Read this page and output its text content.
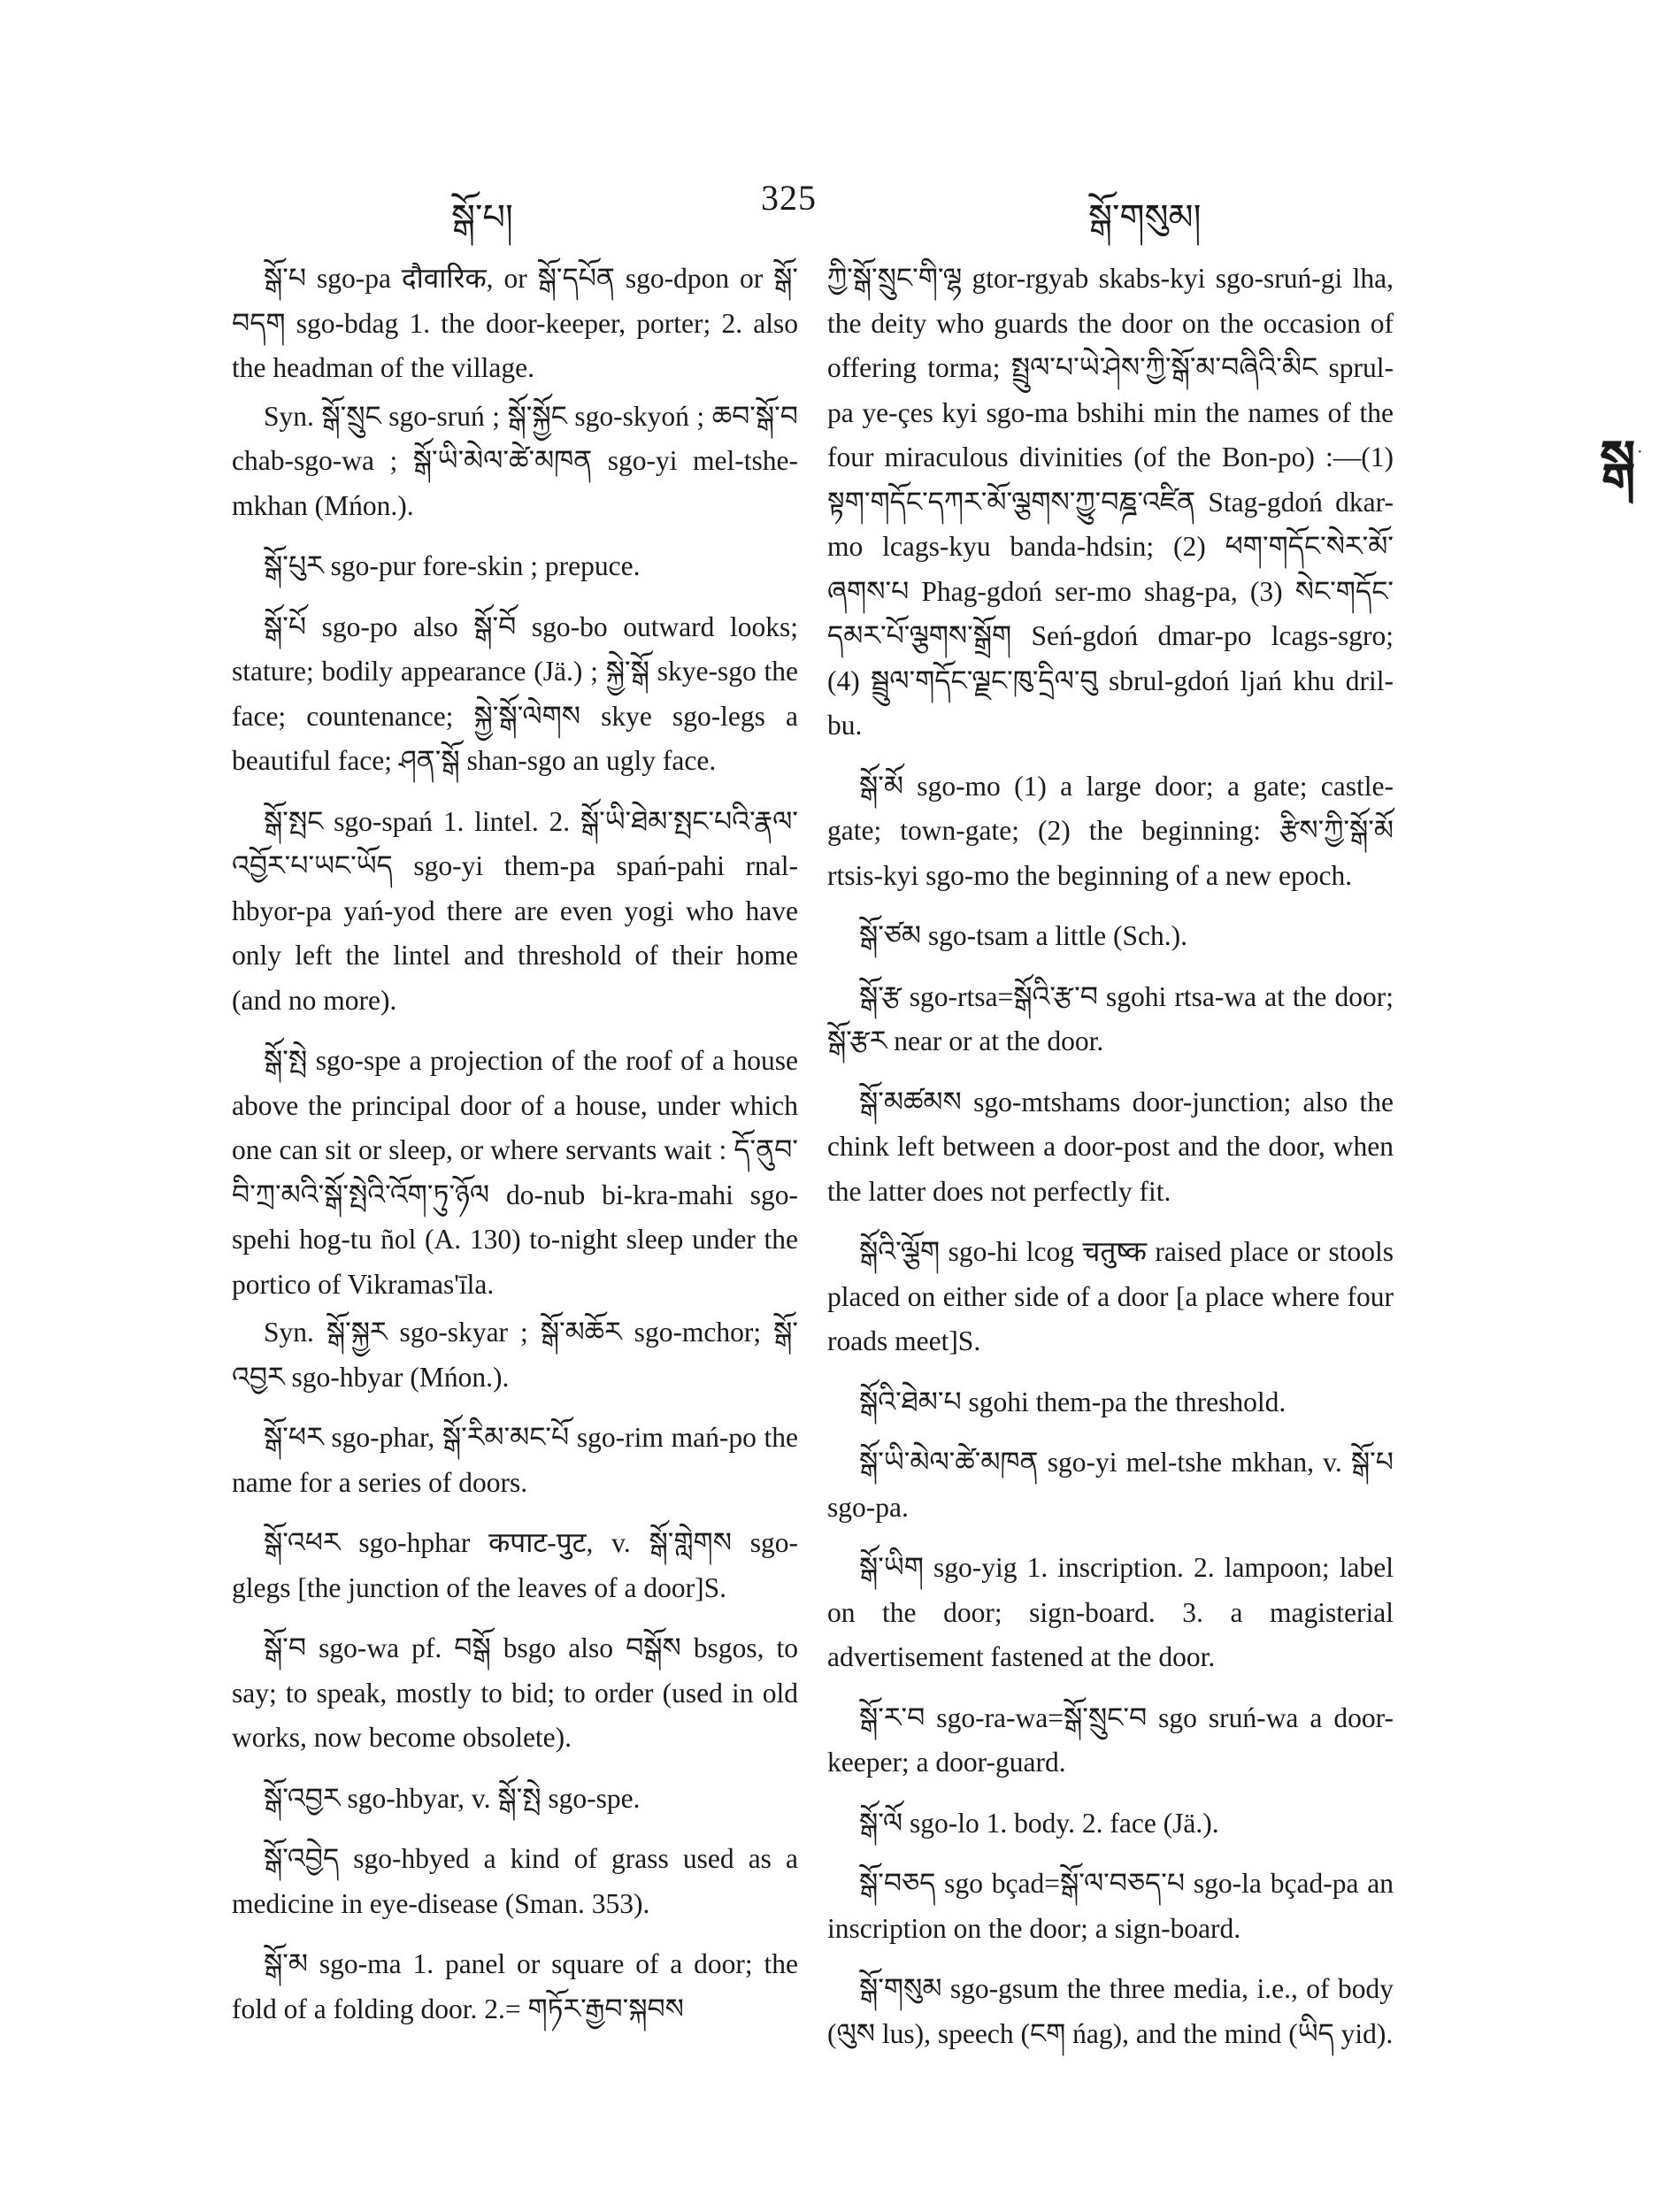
སྒོ་པ།	325	སྒོ་གསུམ།

སྒོ་པ sgo-pa दौवारिक, or སྒོ་དཔོན sgo-dpon or སྒོ་བདག sgo-bdag 1. the door-keeper, porter; 2. also the headman of the village.

Syn. སྒོ་སྲུང sgo-sruń ; སྒོ་སྐྱོང sgo-skyoń ; ཆབ་སྒོ་བ chab-sgo-wa ; སྒོ་ཡི་མེལ་ཚེ་མཁན sgo-yi mel-tshe-mkhan (Mńon.).

སྒོ་པུར sgo-pur fore-skin ; prepuce.

སྒོ་པོ sgo-po also སྒོ་བོ sgo-bo outward looks; stature; bodily appearance (Jä.) ; སྐྱེ་སྒོ skye-sgo the face; countenance; སྐྱེ་སྒོ་ལེགས skye sgo-legs a beautiful face; ཤན་སྒོ shan-sgo an ugly face.

སྒོ་སྤང sgo-spań 1. lintel. 2. སྒོ་ཡི་ཐེམ་སྤང་པའི་རྣལ་འབྱོར་པ་ཡང་ཡོད sgo-yi them-pa spań-pahi rnal-hbyor-pa yań-yod there are even yogi who have only left the lintel and threshold of their home (and no more).

སྒོ་སྤེ sgo-spe a projection of the roof of a house above the principal door of a house, under which one can sit or sleep, or where servants wait : དོ་ནུབ་བི་ཀྲ་མའི་སྒོ་སྤེའི་འོག་ཏུ་ཉོལ do-nub bi-kra-mahi sgo-spehi hog-tu ñol (A. 130) to-night sleep under the portico of Vikramas'īla.

Syn. སྒོ་སྐྱར sgo-skyar ; སྒོ་མཆོར sgo-mchor; སྒོ་འབྱར sgo-hbyar (Mńon.).

སྒོ་ཕར sgo-phar, སྒོ་རིམ་མང་པོ sgo-rim mań-po the name for a series of doors.

སྒོ་འཕར sgo-hphar कपाट-पुट, v. སྒོ་གླེགས sgo-glegs [the junction of the leaves of a door]S.

སྒོ་བ sgo-wa pf. བསྒོ bsgo also བསྒོས bsgos, to say; to speak, mostly to bid; to order (used in old works, now become obsolete).

སྒོ་འབྱར sgo-hbyar, v. སྒོ་སྤེ sgo-spe.

སྒོ་འབྱེད sgo-hbyed a kind of grass used as a medicine in eye-disease (Sman. 353).

སྒོ་མ sgo-ma 1. panel or square of a door; the fold of a folding door. 2.= གཏོར་རྒྱབ་སྐབས

ཀྱི་སྒོ་སྲུང་གི་ལྷ gtor-rgyab skabs-kyi sgo-sruń-gi lha, the deity who guards the door on the occasion of offering torma; སྤྲུལ་པ་ཡེ་ཤེས་ཀྱི་སྒོ་མ་བཞིའི་མིང sprul-pa ye-çes kyi sgo-ma bshihi min the names of the four miraculous divinities (of the Bon-po) :—(1) སྟག་གདོང་དཀར་མོ་ལྕགས་ཀྱུ་བཎྜ་འཛིན Stag-gdoń dkar-mo lcags-kyu banda-hdsin; (2) ཕག་གདོང་སེར་མོ་ཞགས་པ Phag-gdoń ser-mo shag-pa, (3) སེང་གདོང་དམར་པོ་ལྕགས་སྒྲོག Seń-gdoń dmar-po lcags-sgro; (4) སྦྲུལ་གདོང་ལྗང་ཁུ་དྲིལ་བུ sbrul-gdoń ljań khu dril-bu.

སྒོ་མོ sgo-mo (1) a large door; a gate; castle-gate; town-gate; (2) the beginning: རྩིས་ཀྱི་སྒོ་མོ rtsis-kyi sgo-mo the beginning of a new epoch.

སྒོ་ཙམ sgo-tsam a little (Sch.).

སྒོ་རྩ sgo-rtsa=སྒོའི་རྩ་བ sgohi rtsa-wa at the door; སྒོ་རྩར near or at the door.

སྒོ་མཚམས sgo-mtshams door-junction; also the chink left between a door-post and the door, when the latter does not perfectly fit.

སྒོའི་ལྕོག sgo-hi lcog चतुष्क raised place or stools placed on either side of a door [a place where four roads meet]S.

སྒོའི་ཐེམ་པ sgohi them-pa the threshold.

སྒོ་ཡི་མེལ་ཚེ་མཁན sgo-yi mel-tshe mkhan, v. སྒོ་པ sgo-pa.

སྒོ་ཡིག sgo-yig 1. inscription. 2. lampoon; label on the door; sign-board. 3. a magisterial advertisement fastened at the door.

སྒོ་ར་བ sgo-ra-wa=སྒོ་སྲུང་བ sgo sruń-wa a door-keeper; a door-guard.

སྒོ་ལོ sgo-lo 1. body. 2. face (Jä.).

སྒོ་བཅད sgo bçad=སྒོ་ལ་བཅད་པ sgo-la bçad-pa an inscription on the door; a sign-board.

སྒོ་གསུམ sgo-gsum the three media, i.e., of body (ལུས lus), speech (ངག ńag), and the mind (ཡིད yid).

སྒ ·
